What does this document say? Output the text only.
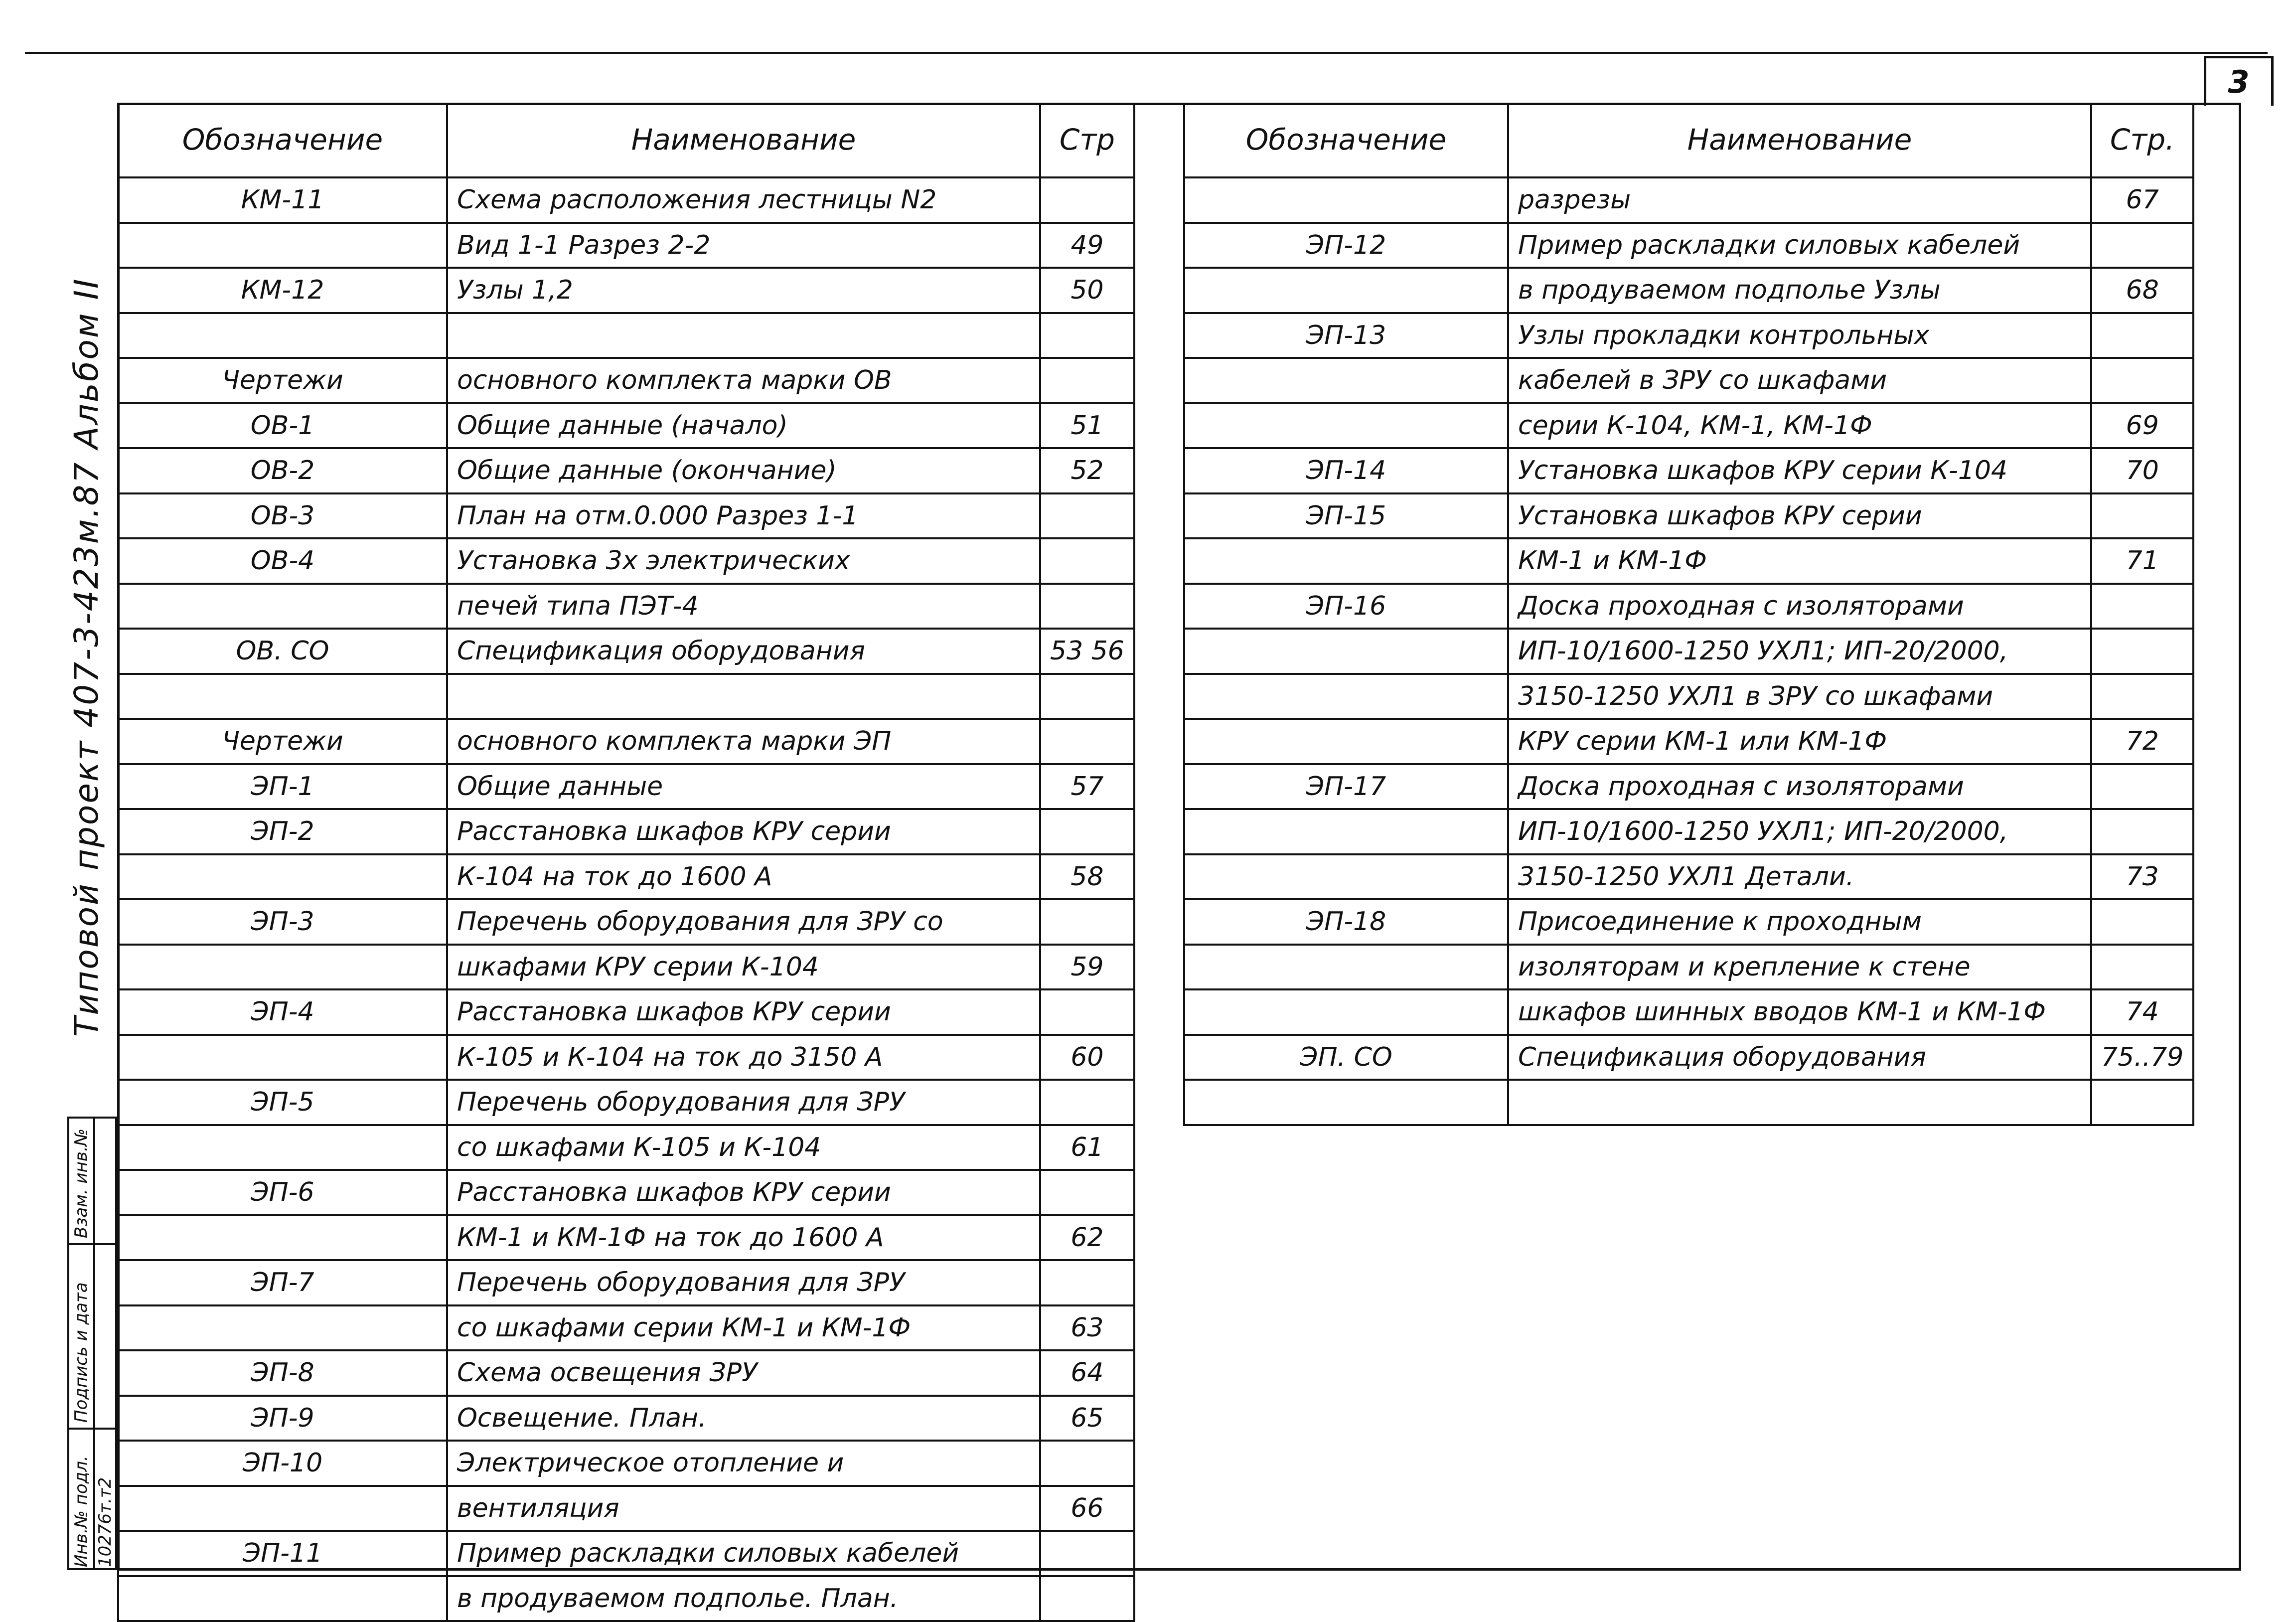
3
Типовой проект 407-3-423м.87 Альбом II
Взам. инв.№
Подпись и дата
Инв.№ подл. 10276т.т2
Обозначение	Наименование	Стр
КМ-11	Схема расположения лестницы N2	
	Вид 1-1 Разрез 2-2	49
КМ-12	Узлы 1,2	50

Чертежи	основного комплекта марки ОВ	
ОВ-1	Общие данные (начало)	51
ОВ-2	Общие данные (окончание)	52
ОВ-3	План на отм.0.000 Разрез 1-1	
ОВ-4	Установка 3х электрических	
	печей типа ПЭТ-4	
ОВ. СО	Спецификация оборудования	53 56

Чертежи	основного комплекта марки ЭП	
ЭП-1	Общие данные	57
ЭП-2	Расстановка шкафов КРУ серии	
	К-104 на ток до 1600 А	58
ЭП-3	Перечень оборудования для ЗРУ со	
	шкафами КРУ серии К-104	59
ЭП-4	Расстановка шкафов КРУ серии	
	К-105 и К-104 на ток до 3150 А	60
ЭП-5	Перечень оборудования для ЗРУ	
	со шкафами К-105 и К-104	61
ЭП-6	Расстановка шкафов КРУ серии	
	КМ-1 и КМ-1Ф на ток до 1600 А	62
ЭП-7	Перечень оборудования для ЗРУ	
	со шкафами серии КМ-1 и КМ-1Ф	63
ЭП-8	Схема освещения ЗРУ	64
ЭП-9	Освещение. План.	65
ЭП-10	Электрическое отопление и	
	вентиляция	66
ЭП-11	Пример раскладки силовых кабелей	
	в продуваемом подполье. План.	
Обозначение	Наименование	Стр.
	разрезы	67
ЭП-12	Пример раскладки силовых кабелей	
	в продуваемом подполье Узлы	68
ЭП-13	Узлы прокладки контрольных	
	кабелей в ЗРУ со шкафами	
	серии К-104, КМ-1, КМ-1Ф	69
ЭП-14	Установка шкафов КРУ серии К-104	70
ЭП-15	Установка шкафов КРУ серии	
	КМ-1 и КМ-1Ф	71
ЭП-16	Доска проходная с изоляторами	
	ИП-10/1600-1250 УХЛ1; ИП-20/2000,	
	3150-1250 УХЛ1 в ЗРУ со шкафами	
	КРУ серии КМ-1 или КМ-1Ф	72
ЭП-17	Доска проходная с изоляторами	
	ИП-10/1600-1250 УХЛ1; ИП-20/2000,	
	3150-1250 УХЛ1 Детали.	73
ЭП-18	Присоединение к проходным	
	изоляторам и крепление к стене	
	шкафов шинных вводов КМ-1 и КМ-1Ф	74
ЭП. СО	Спецификация оборудования	75..79
